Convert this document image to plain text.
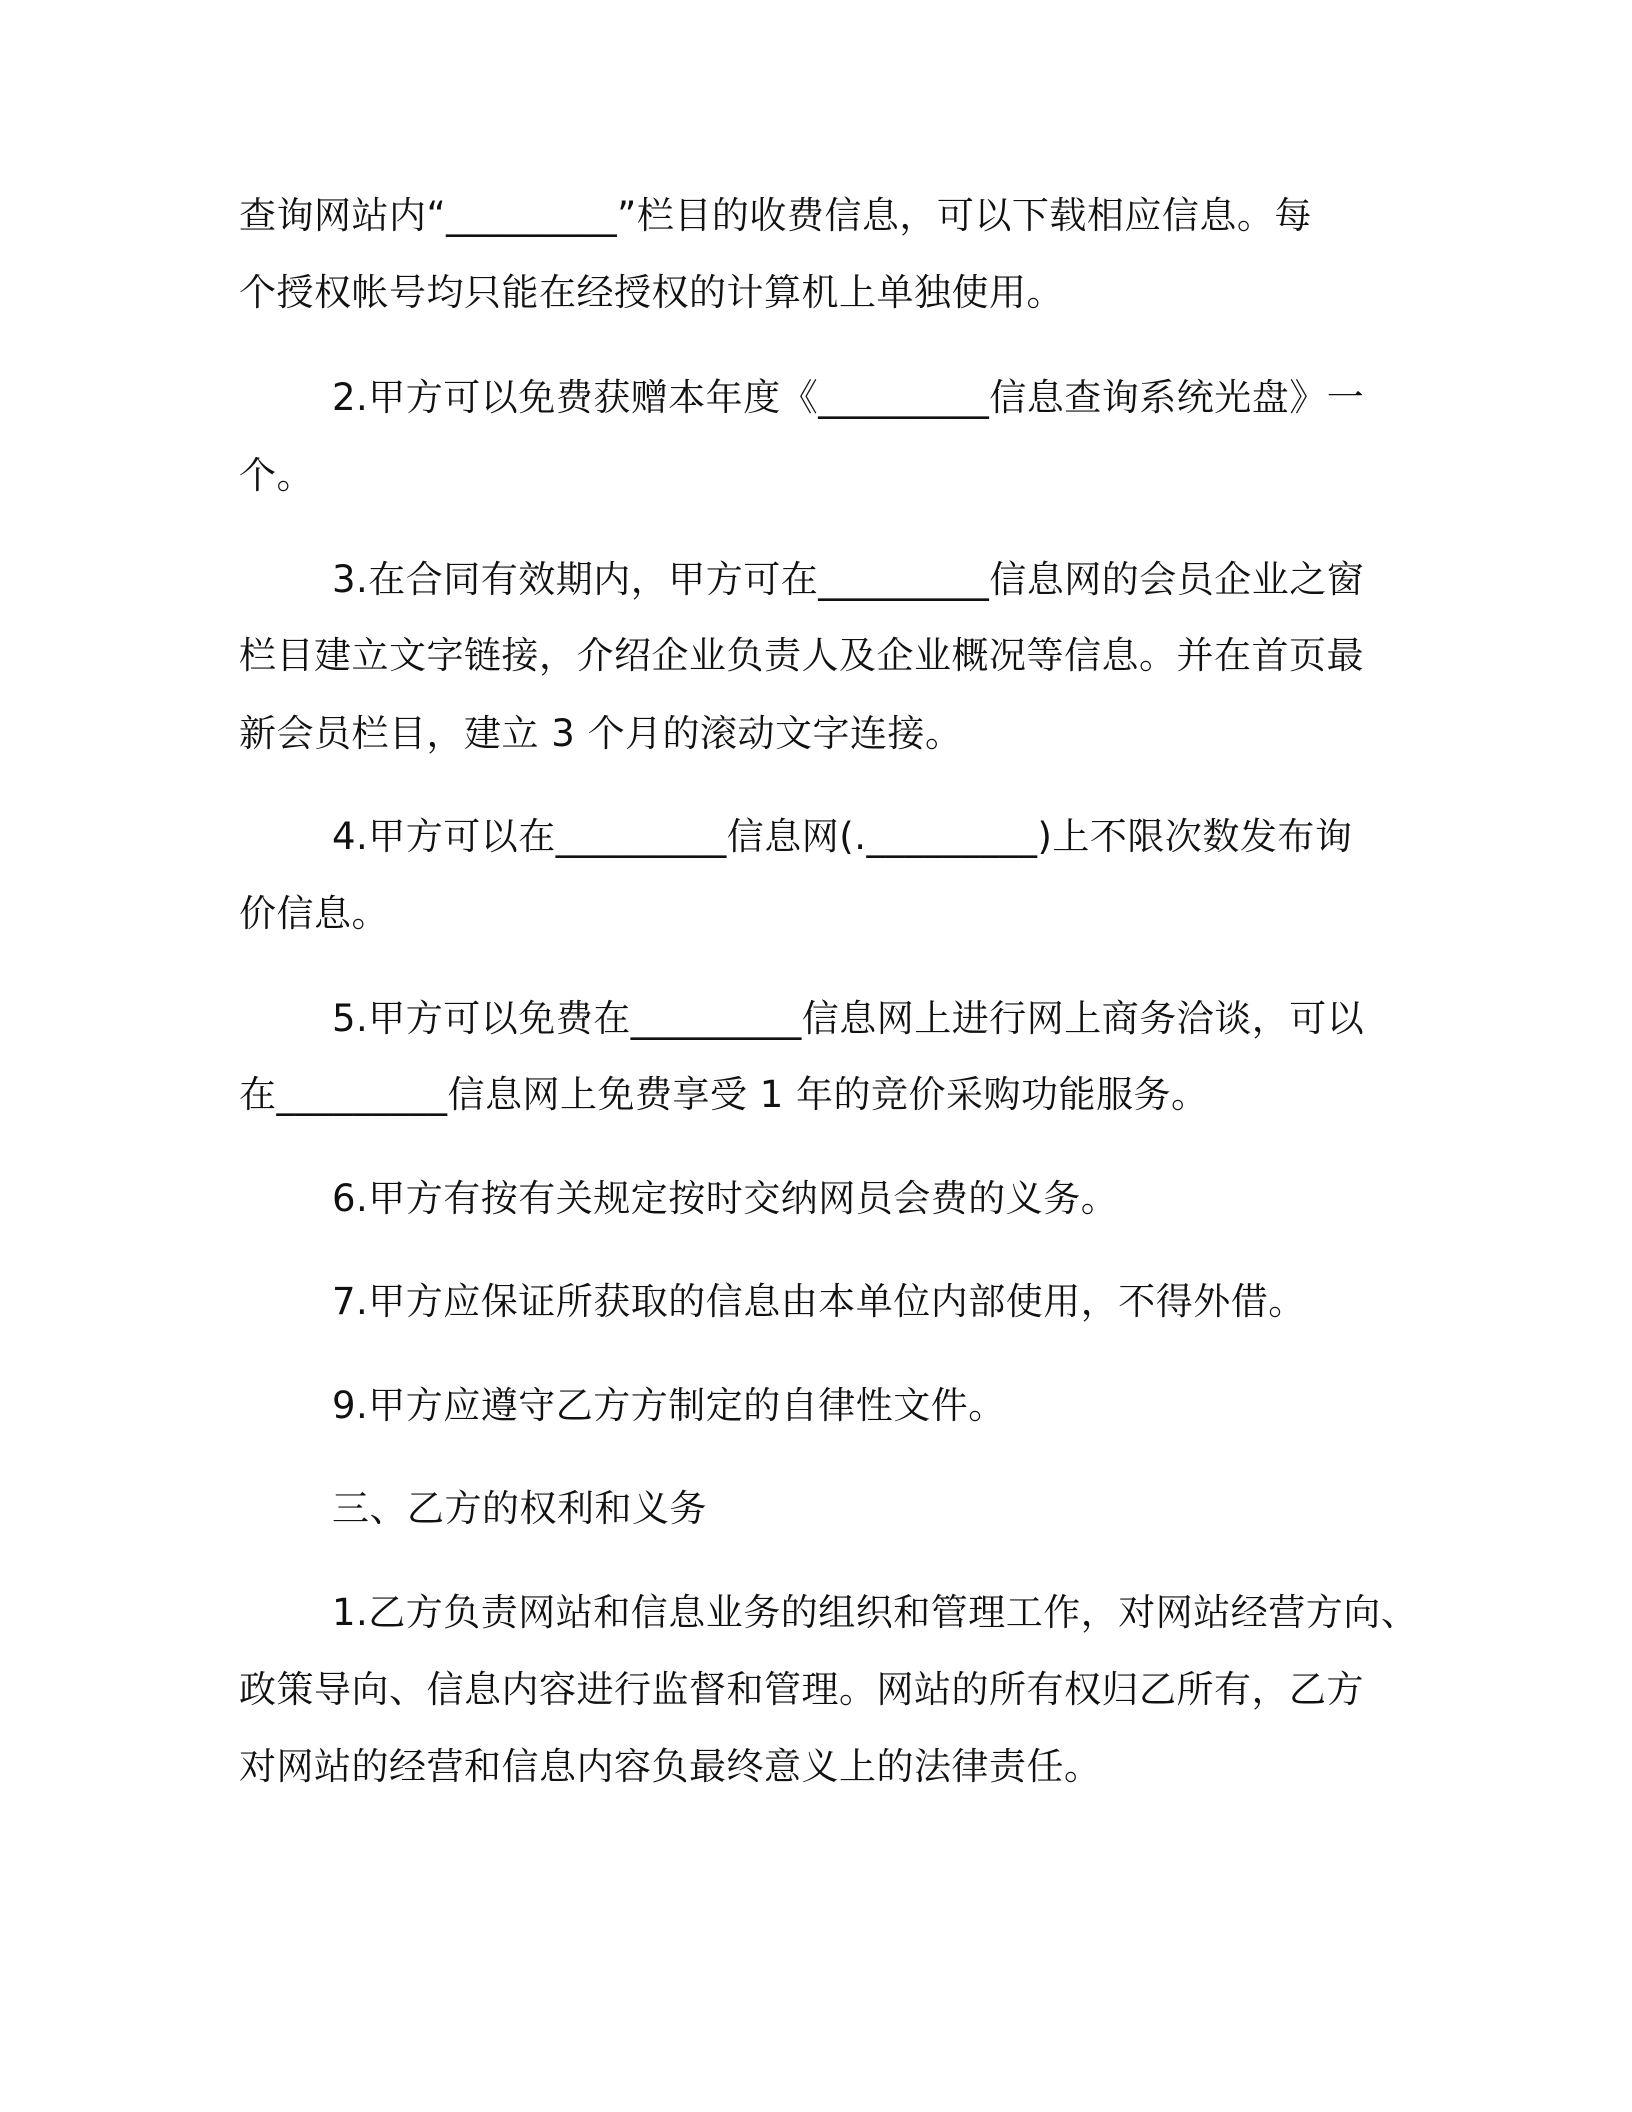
查询网站内“_________”栏目的收费信息，可以下载相应信息。每
个授权帐号均只能在经授权的计算机上单独使用。
2.甲方可以免费获赠本年度《_________信息查询系统光盘》一
个。
3.在合同有效期内，甲方可在_________信息网的会员企业之窗
栏目建立文字链接，介绍企业负责人及企业概况等信息。并在首页最
新会员栏目，建立 3 个月的滚动文字连接。
4.甲方可以在_________信息网(._________)上不限次数发布询
价信息。
5.甲方可以免费在_________信息网上进行网上商务洽谈，可以
在_________信息网上免费享受 1 年的竞价采购功能服务。
6.甲方有按有关规定按时交纳网员会费的义务。
7.甲方应保证所获取的信息由本单位内部使用，不得外借。
9.甲方应遵守乙方方制定的自律性文件。
三、乙方的权利和义务
1.乙方负责网站和信息业务的组织和管理工作，对网站经营方向、
政策导向、信息内容进行监督和管理。网站的所有权归乙所有，乙方
对网站的经营和信息内容负最终意义上的法律责任。
